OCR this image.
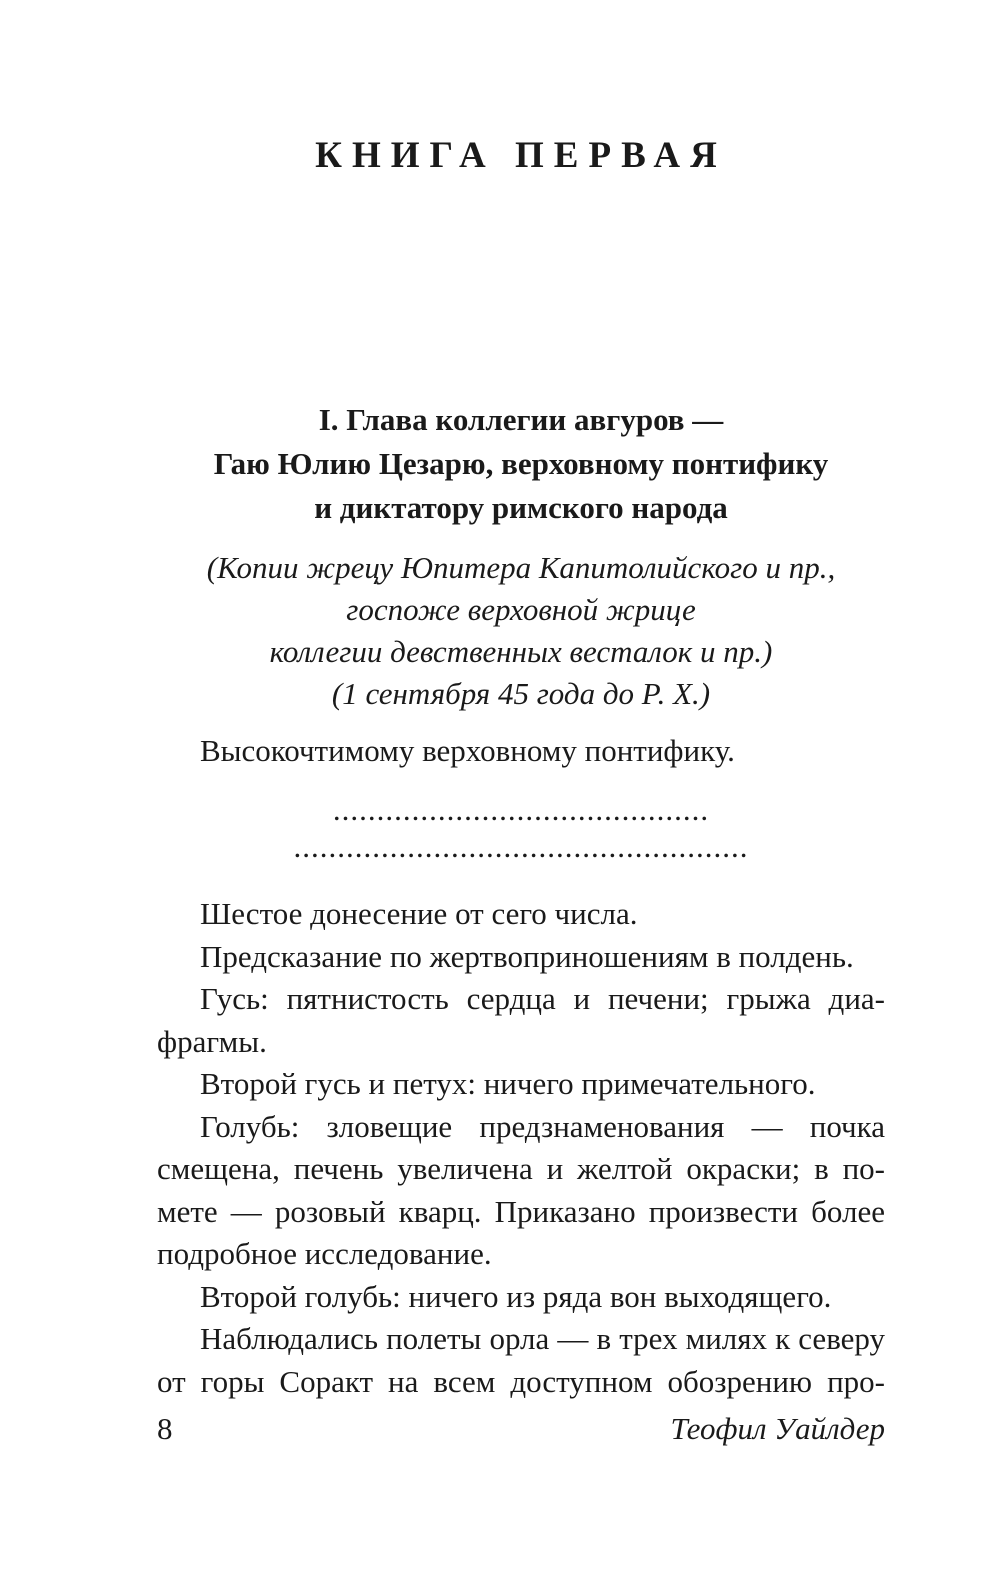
КНИГА ПЕРВАЯ
I. Глава коллегии авгуров —
Гаю Юлию Цезарю, верховному понтифику
и диктатору римского народа
(Копии жрецу Юпитера Капитолийского и пр.,
госпоже верховной жрице
коллегии девственных весталок и пр.)
(1 сентября 45 года до Р. Х.)
Высокочтимому верховному понтифику.
...........................................
....................................................

Шестое донесение от сего числа.

Предсказание по жертвоприношениям в полдень.

Гусь: пятнистость сердца и печени; грыжа диа-
фрагмы.

Второй гусь и петух: ничего примечательного.

Голубь: зловещие предзнаменования — почка
смещена, печень увеличена и желтой окраски; в по-
мете — розовый кварц. Приказано произвести более
подробное исследование.

Второй голубь: ничего из ряда вон выходящего.

Наблюдались полеты орла — в трех милях к северу
от горы Соракт на всем доступном обозрению про-

8	Теофил Уайлдер
